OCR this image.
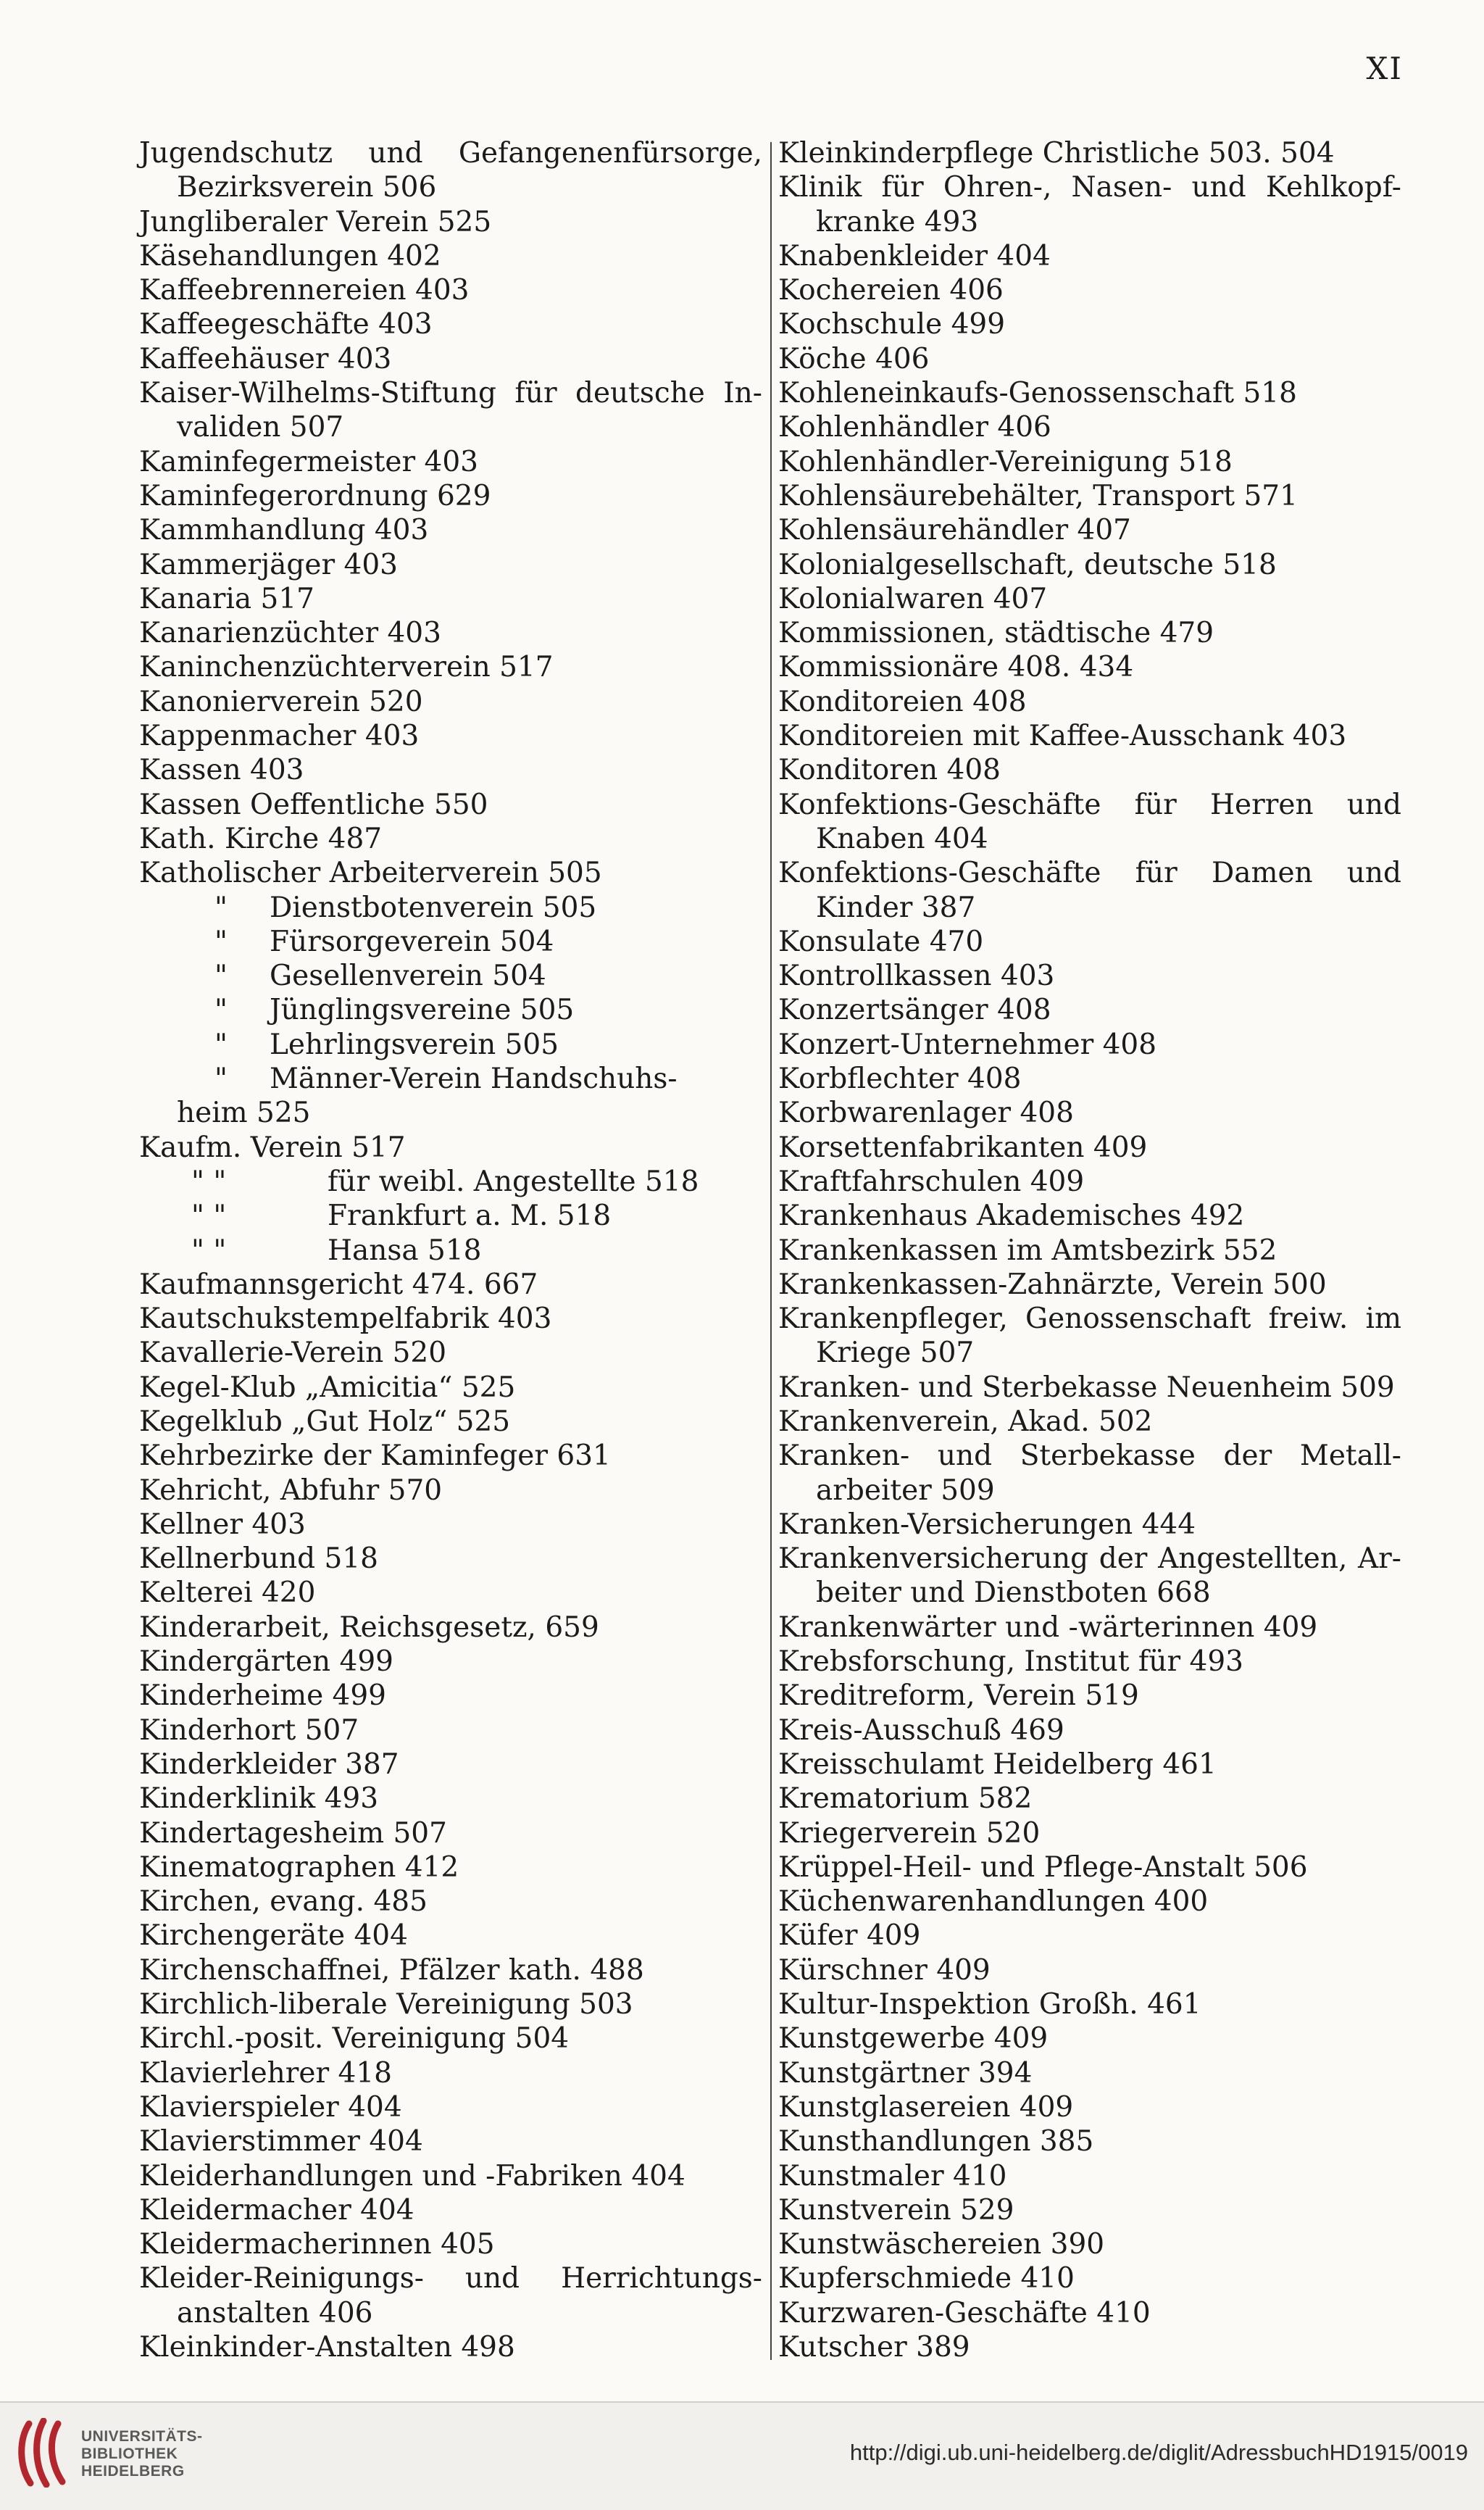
XI
Jugendschutz und Gefangenenfürsorge,
Bezirksverein 506
Jungliberaler Verein 525
Käsehandlungen 402
Kaffeebrennereien 403
Kaffeegeschäfte 403
Kaffeehäuser 403
Kaiser-Wilhelms-Stiftung für deutsche In-
validen 507
Kaminfegermeister 403
Kaminfegerordnung 629
Kammhandlung 403
Kammerjäger 403
Kanaria 517
Kanarienzüchter 403
Kaninchenzüchterverein 517
Kanonierverein 520
Kappenmacher 403
Kassen 403
Kassen Oeffentliche 550
Kath. Kirche 487
Katholischer Arbeiterverein 505
" Dienstbotenverein 505
" Fürsorgeverein 504
" Gesellenverein 504
" Jünglingsvereine 505
" Lehrlingsverein 505
" Männer-Verein Handschuhs-
heim 525
Kaufm. Verein 517
" "	für weibl. Angestellte 518
" "	Frankfurt a. M. 518
" "	Hansa 518
Kaufmannsgericht 474. 667
Kautschukstempelfabrik 403
Kavallerie-Verein 520
Kegel-Klub „Amicitia“ 525
Kegelklub „Gut Holz“ 525
Kehrbezirke der Kaminfeger 631
Kehricht, Abfuhr 570
Kellner 403
Kellnerbund 518
Kelterei 420
Kinderarbeit, Reichsgesetz, 659
Kindergärten 499
Kinderheime 499
Kinderhort 507
Kinderkleider 387
Kinderklinik 493
Kindertagesheim 507
Kinematographen 412
Kirchen, evang. 485
Kirchengeräte 404
Kirchenschaffnei, Pfälzer kath. 488
Kirchlich-liberale Vereinigung 503
Kirchl.-posit. Vereinigung 504
Klavierlehrer 418
Klavierspieler 404
Klavierstimmer 404
Kleiderhandlungen und -Fabriken 404
Kleidermacher 404
Kleidermacherinnen 405
Kleider-Reinigungs- und Herrichtungs-
anstalten 406
Kleinkinder-Anstalten 498
Kleinkinderpflege Christliche 503. 504
Klinik für Ohren-, Nasen- und Kehlkopf-
kranke 493
Knabenkleider 404
Kochereien 406
Kochschule 499
Köche 406
Kohleneinkaufs-Genossenschaft 518
Kohlenhändler 406
Kohlenhändler-Vereinigung 518
Kohlensäurebehälter, Transport 571
Kohlensäurehändler 407
Kolonialgesellschaft, deutsche 518
Kolonialwaren 407
Kommissionen, städtische 479
Kommissionäre 408. 434
Konditoreien 408
Konditoreien mit Kaffee-Ausschank 403
Konditoren 408
Konfektions-Geschäfte für Herren und
Knaben 404
Konfektions-Geschäfte für Damen und
Kinder 387
Konsulate 470
Kontrollkassen 403
Konzertsänger 408
Konzert-Unternehmer 408
Korbflechter 408
Korbwarenlager 408
Korsettenfabrikanten 409
Kraftfahrschulen 409
Krankenhaus Akademisches 492
Krankenkassen im Amtsbezirk 552
Krankenkassen-Zahnärzte, Verein 500
Krankenpfleger, Genossenschaft freiw. im
Kriege 507
Kranken- und Sterbekasse Neuenheim 509
Krankenverein, Akad. 502
Kranken- und Sterbekasse der Metall-
arbeiter 509
Kranken-Versicherungen 444
Krankenversicherung der Angestellten, Ar-
beiter und Dienstboten 668
Krankenwärter und -wärterinnen 409
Krebsforschung, Institut für 493
Kreditreform, Verein 519
Kreis-Ausschuß 469
Kreisschulamt Heidelberg 461
Krematorium 582
Kriegerverein 520
Krüppel-Heil- und Pflege-Anstalt 506
Küchenwarenhandlungen 400
Küfer 409
Kürschner 409
Kultur-Inspektion Großh. 461
Kunstgewerbe 409
Kunstgärtner 394
Kunstglasereien 409
Kunsthandlungen 385
Kunstmaler 410
Kunstverein 529
Kunstwäschereien 390
Kupferschmiede 410
Kurzwaren-Geschäfte 410
Kutscher 389
UNIVERSITÄTS-
BIBLIOTHEK
HEIDELBERG
http://digi.ub.uni-heidelberg.de/diglit/AdressbuchHD1915/0019
